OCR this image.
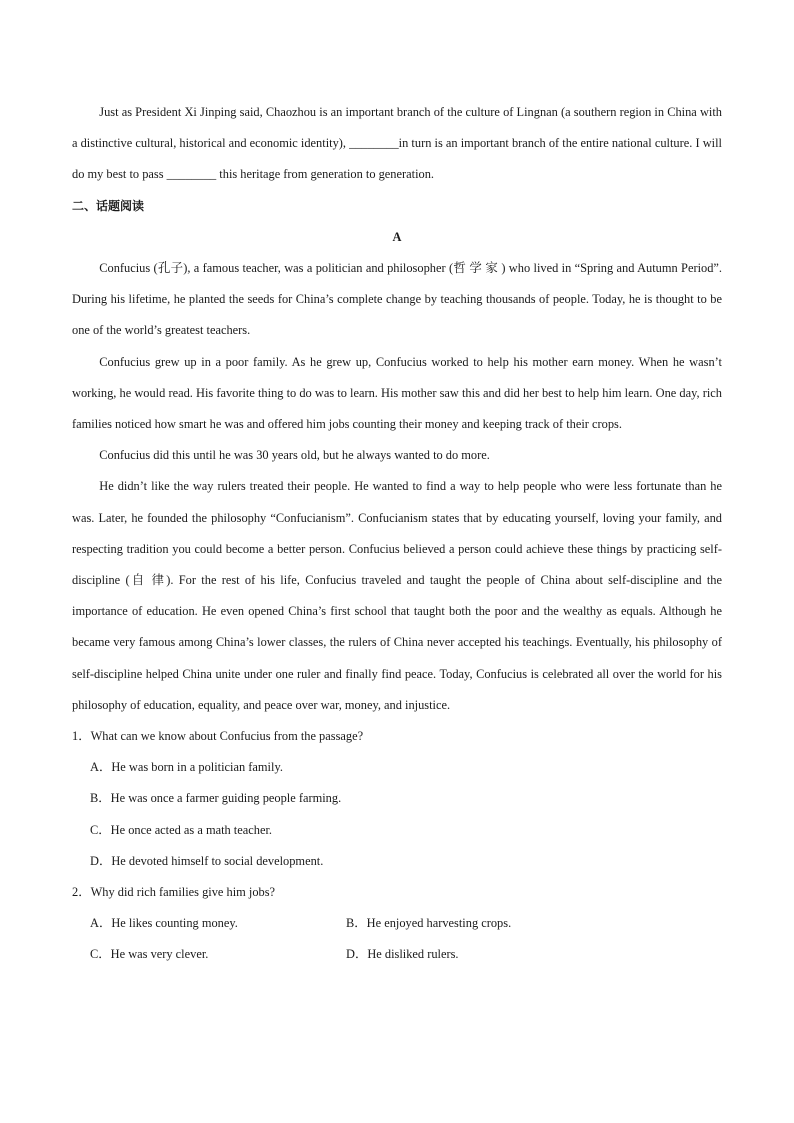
Just as President Xi Jinping said, Chaozhou is an important branch of the culture of Lingnan (a southern region in China with a distinctive cultural, historical and economic identity), ________in turn is an important branch of the entire national culture. I will do my best to pass ________ this heritage from generation to generation.

二、话题阅读

A

Confucius (孔子), a famous teacher, was a politician and philosopher (哲 学 家 ) who lived in “Spring and Autumn Period”. During his lifetime, he planted the seeds for China’s complete change by teaching thousands of people. Today, he is thought to be one of the world’s greatest teachers.

Confucius grew up in a poor family. As he grew up, Confucius worked to help his mother earn money. When he wasn’t working, he would read. His favorite thing to do was to learn. His mother saw this and did her best to help him learn. One day, rich families noticed how smart he was and offered him jobs counting their money and keeping track of their crops.

Confucius did this until he was 30 years old, but he always wanted to do more.

He didn’t like the way rulers treated their people. He wanted to find a way to help people who were less fortunate than he was. Later, he founded the philosophy “Confucianism”. Confucianism states that by educating yourself, loving your family, and respecting tradition you could become a better person. Confucius believed a person could achieve these things by practicing self-discipline (自 律). For the rest of his life, Confucius traveled and taught the people of China about self-discipline and the importance of education. He even opened China’s first school that taught both the poor and the wealthy as equals. Although he became very famous among China’s lower classes, the rulers of China never accepted his teachings. Eventually, his philosophy of self-discipline helped China unite under one ruler and finally find peace. Today, Confucius is celebrated all over the world for his philosophy of education, equality, and peace over war, money, and injustice.

1．What can we know about Confucius from the passage?

A．He was born in a politician family.

B．He was once a farmer guiding people farming.

C．He once acted as a math teacher.

D．He devoted himself to social development.

2．Why did rich families give him jobs?

A．He likes counting money.	B．He enjoyed harvesting crops.

C．He was very clever.	D．He disliked rulers.
